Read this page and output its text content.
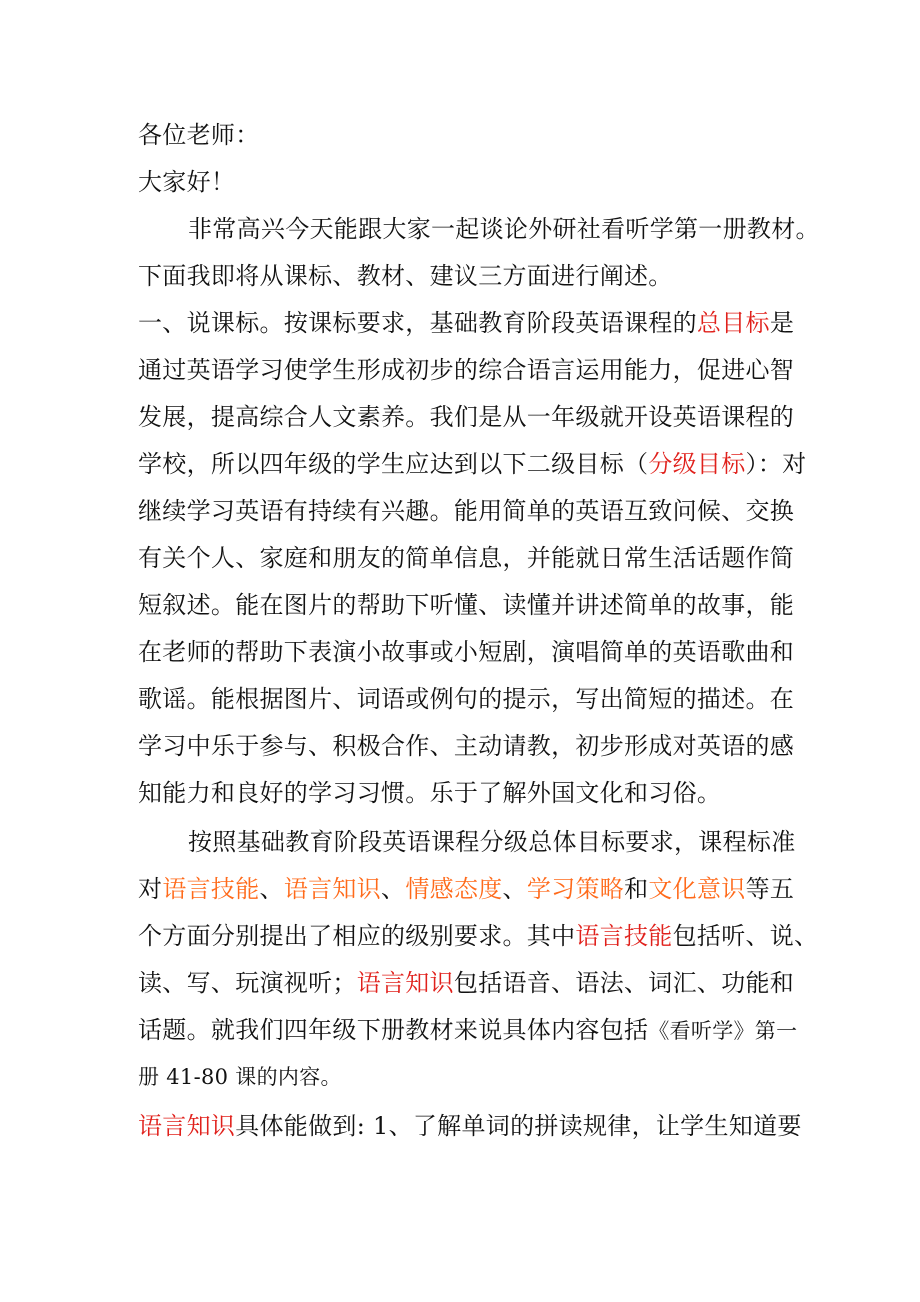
各位老师：
大家好！
非常高兴今天能跟大家一起谈论外研社看听学第一册教材。
下面我即将从课标、教材、建议三方面进行阐述。
一、说课标。按课标要求，基础教育阶段英语课程的总目标是
通过英语学习使学生形成初步的综合语言运用能力，促进心智
发展，提高综合人文素养。我们是从一年级就开设英语课程的
学校，所以四年级的学生应达到以下二级目标（分级目标）：对
继续学习英语有持续有兴趣。能用简单的英语互致问候、交换
有关个人、家庭和朋友的简单信息，并能就日常生活话题作简
短叙述。能在图片的帮助下听懂、读懂并讲述简单的故事，能
在老师的帮助下表演小故事或小短剧，演唱简单的英语歌曲和
歌谣。能根据图片、词语或例句的提示，写出简短的描述。在
学习中乐于参与、积极合作、主动请教，初步形成对英语的感
知能力和良好的学习习惯。乐于了解外国文化和习俗。
按照基础教育阶段英语课程分级总体目标要求，课程标准
对语言技能、语言知识、情感态度、学习策略和文化意识等五
个方面分别提出了相应的级别要求。其中语言技能包括听、说、
读、写、玩演视听；语言知识包括语音、语法、词汇、功能和
话题。就我们四年级下册教材来说具体内容包括《看听学》第一
册 41-80 课的内容。
语言知识具体能做到: 1、了解单词的拼读规律，让学生知道要
